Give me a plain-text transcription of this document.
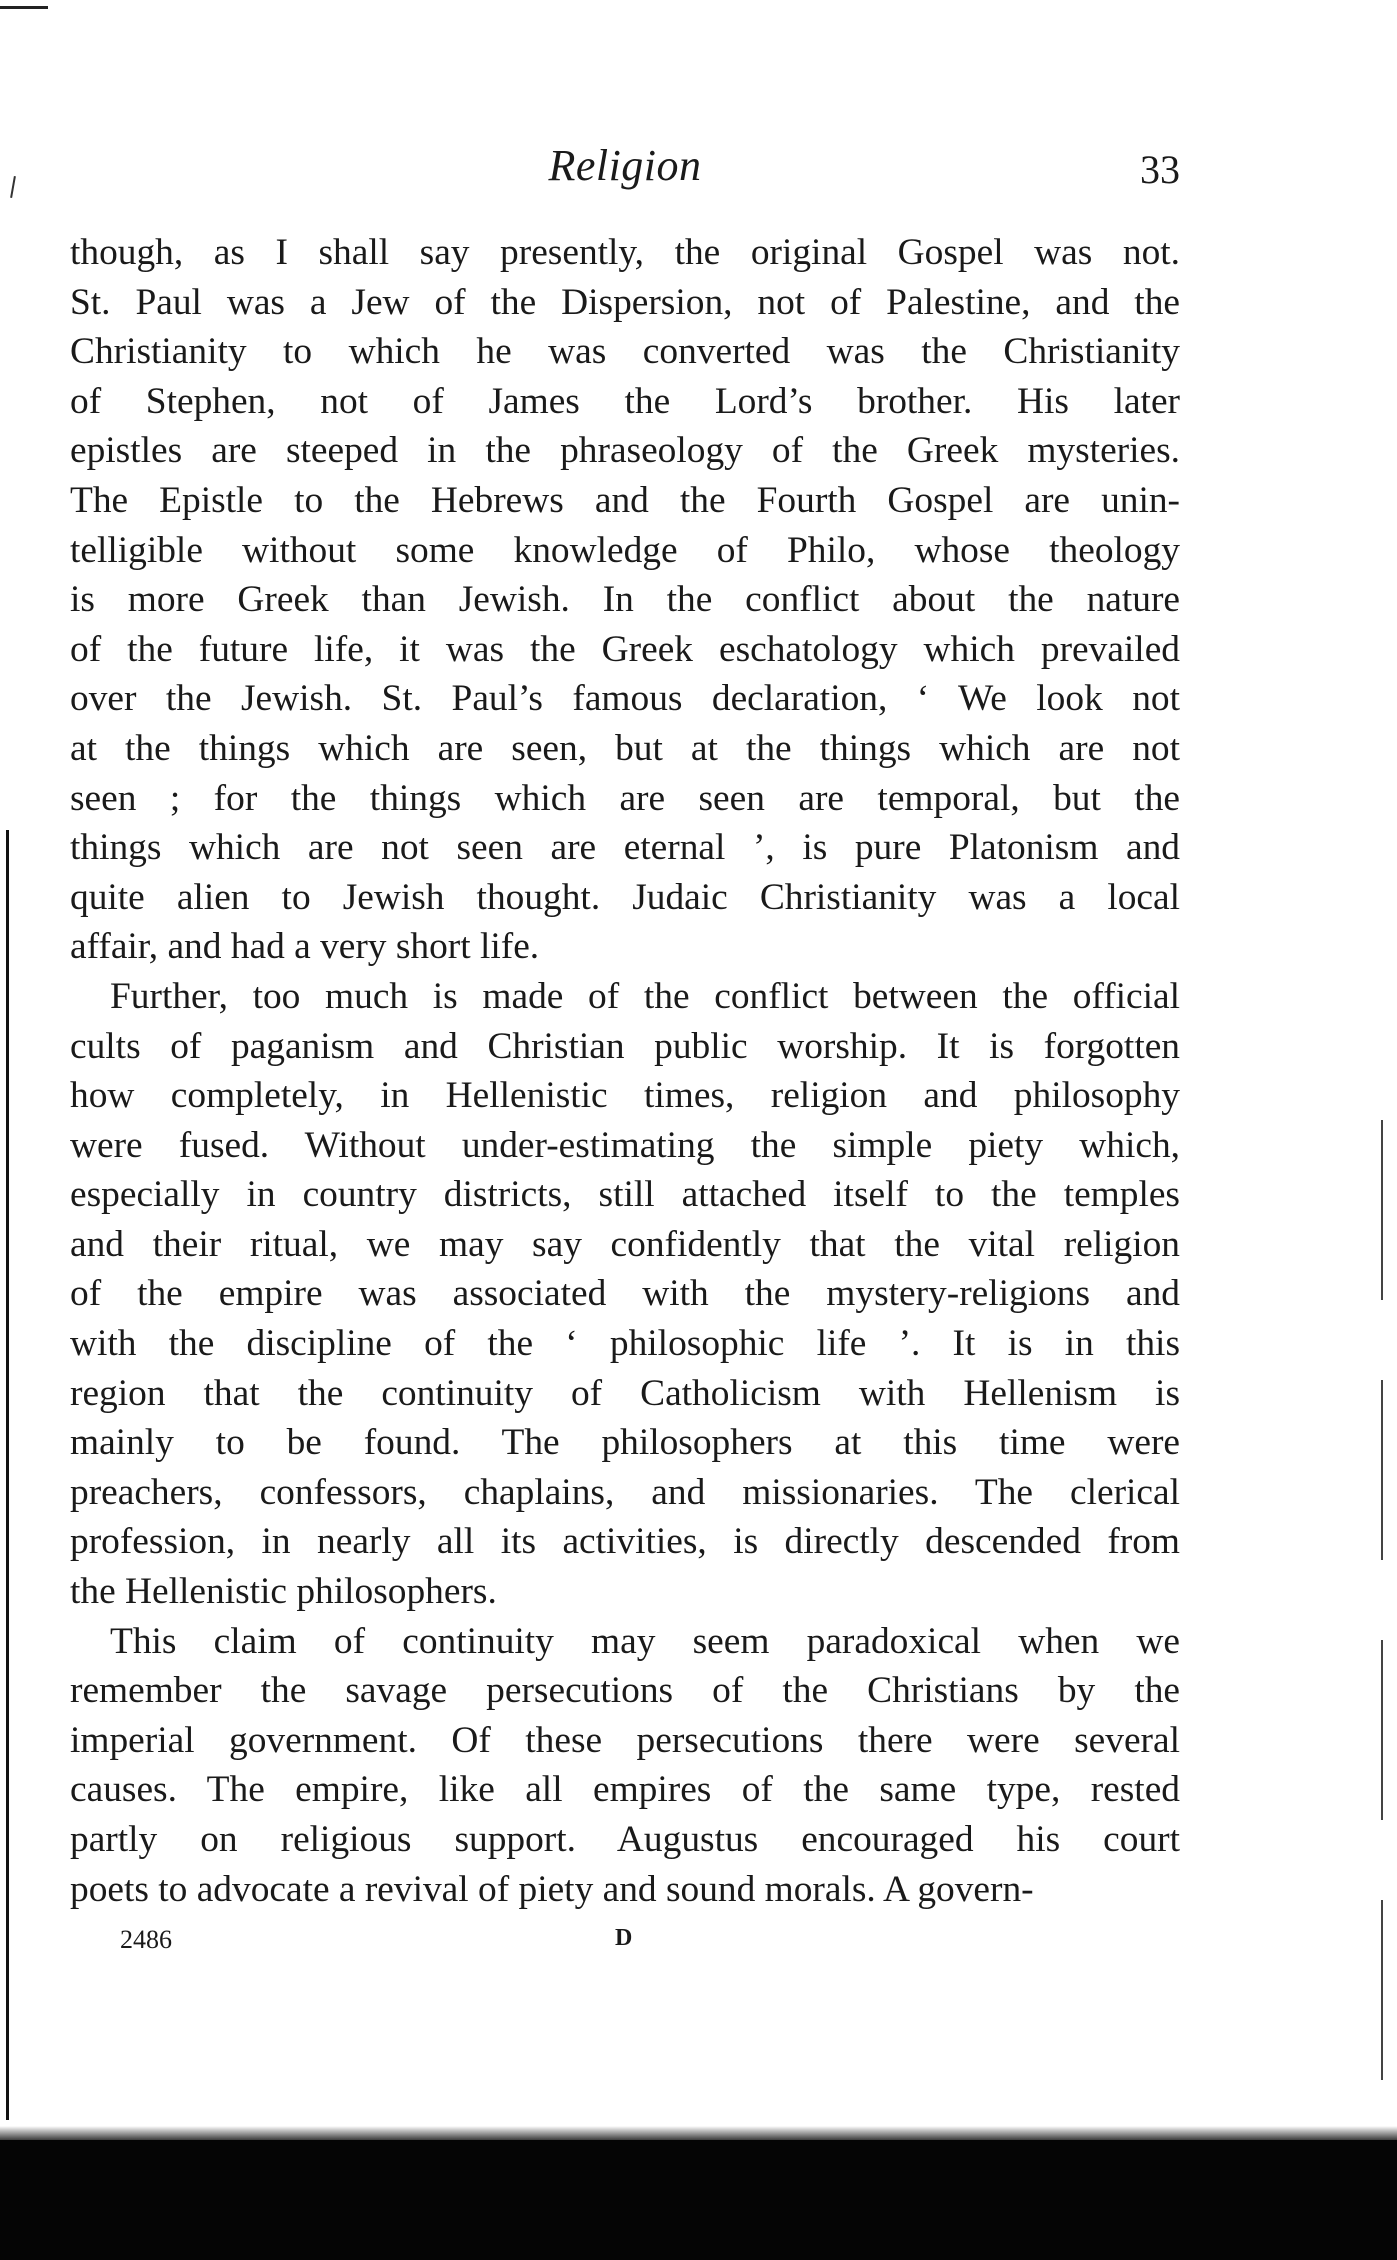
Religion	33

though, as I shall say presently, the original Gospel was not.
St. Paul was a Jew of the Dispersion, not of Palestine, and the
Christianity to which he was converted was the Christianity
of Stephen, not of James the Lord’s brother. His later
epistles are steeped in the phraseology of the Greek mysteries.
The Epistle to the Hebrews and the Fourth Gospel are unin-
telligible without some knowledge of Philo, whose theology
is more Greek than Jewish. In the conflict about the nature
of the future life, it was the Greek eschatology which prevailed
over the Jewish. St. Paul’s famous declaration, ‘ We look not
at the things which are seen, but at the things which are not
seen ; for the things which are seen are temporal, but the
things which are not seen are eternal ’, is pure Platonism and
quite alien to Jewish thought. Judaic Christianity was a local
affair, and had a very short life.

Further, too much is made of the conflict between the official
cults of paganism and Christian public worship. It is forgotten
how completely, in Hellenistic times, religion and philosophy
were fused. Without under-estimating the simple piety which,
especially in country districts, still attached itself to the temples
and their ritual, we may say confidently that the vital religion
of the empire was associated with the mystery-religions and
with the discipline of the ‘ philosophic life ’. It is in this
region that the continuity of Catholicism with Hellenism is
mainly to be found. The philosophers at this time were
preachers, confessors, chaplains, and missionaries. The clerical
profession, in nearly all its activities, is directly descended from
the Hellenistic philosophers.

This claim of continuity may seem paradoxical when we
remember the savage persecutions of the Christians by the
imperial government. Of these persecutions there were several
causes. The empire, like all empires of the same type, rested
partly on religious support. Augustus encouraged his court
poets to advocate a revival of piety and sound morals. A govern-

2486	D
